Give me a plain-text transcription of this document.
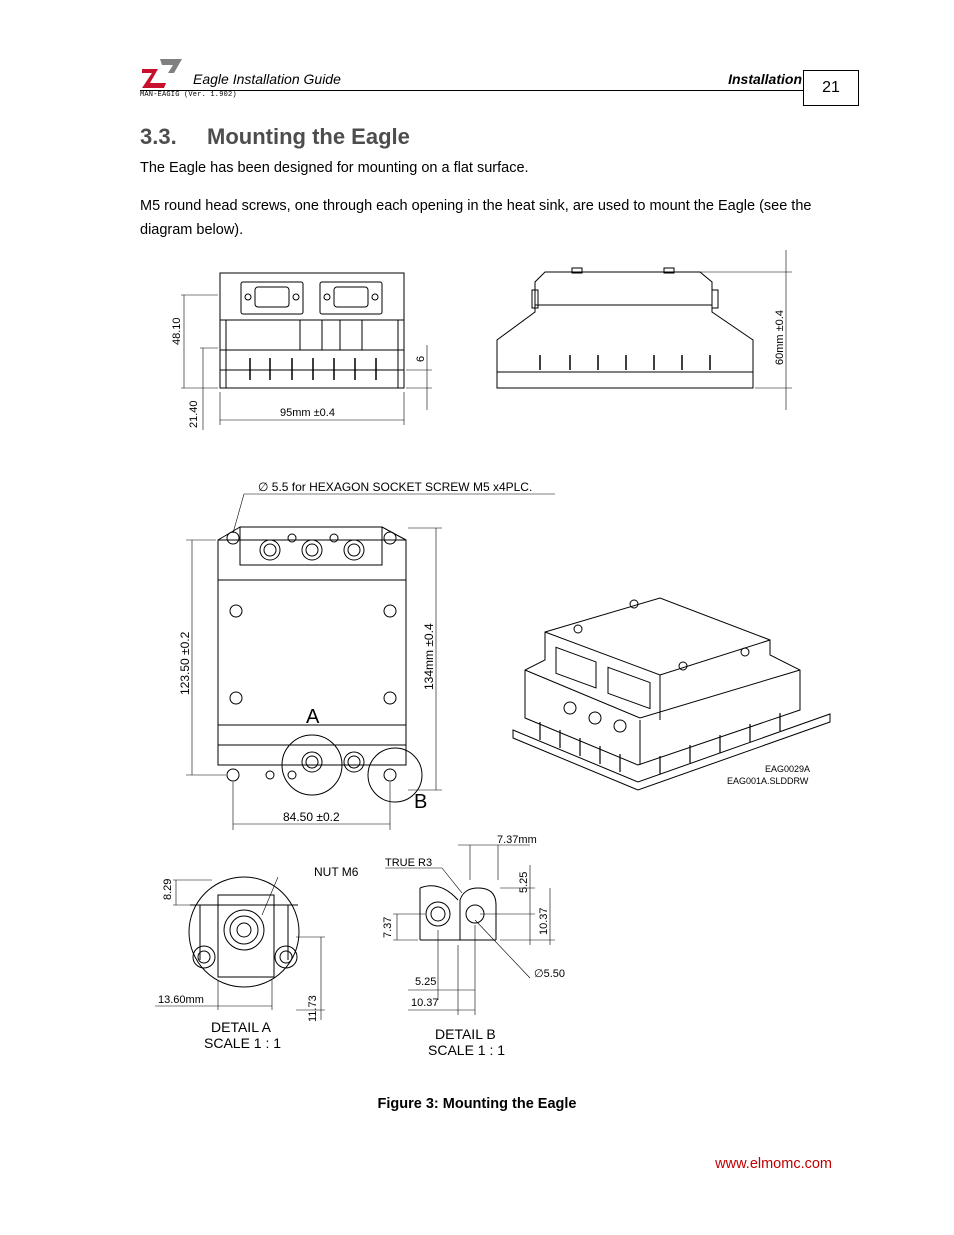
Eagle Installation Guide
MAN-EAGIG (Ver. 1.902)
Installation	21
3.3. Mounting the Eagle
The Eagle has been designed for mounting on a flat surface.
M5 round head screws, one through each opening in the heat sink, are used to mount the Eagle (see the diagram below).
48.10
21.40	95mm ±0.4
6	60mm ±0.4
∅ 5.5 for HEXAGON SOCKET SCREW M5 x4PLC.
123.50 ±0.2	134mm ±0.4
84.50 ±0.2
A
B
EAG0029A
EAG001A.SLDDRW
NUT M6
8.29
13.60mm	11.73
DETAIL A
SCALE 1 : 1
TRUE R3
7.37mm
5.25
7.37	10.37
∅5.50
5.25
10.37
DETAIL B
SCALE 1 : 1
Figure 3: Mounting the Eagle
www.elmomc.com
